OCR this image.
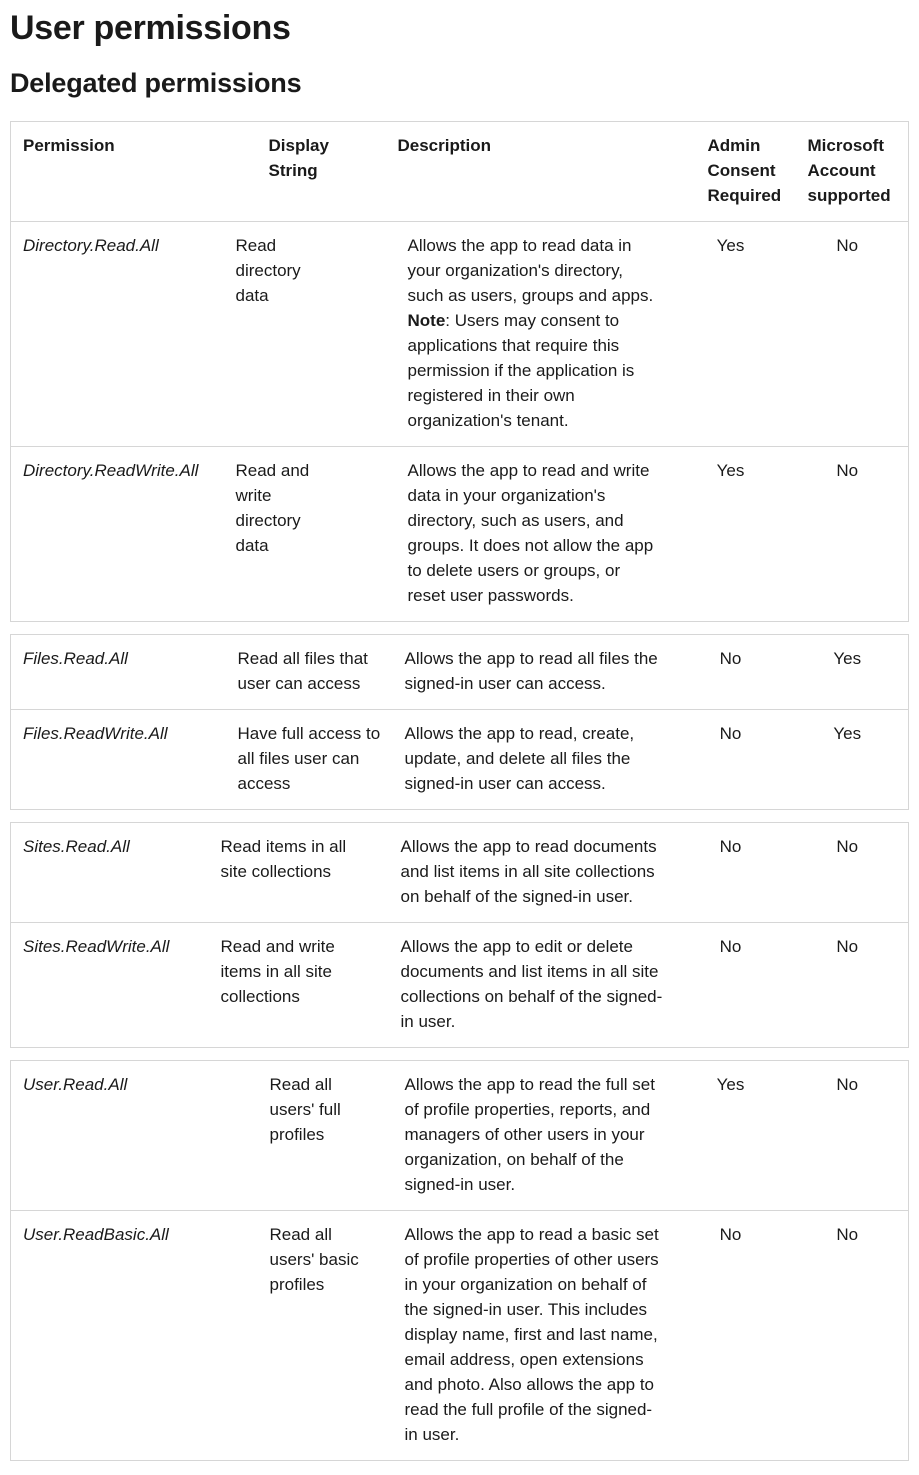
User permissions
Delegated permissions
Permission	Display String	Description	Admin Consent Required	Microsoft Account supported
Directory.Read.All	Read directory data	Allows the app to read data in your organization's directory, such as users, groups and apps. Note: Users may consent to applications that require this permission if the application is registered in their own organization's tenant.	Yes	No
Directory.ReadWrite.All	Read and write directory data	Allows the app to read and write data in your organization's directory, such as users, and groups. It does not allow the app to delete users or groups, or reset user passwords.	Yes	No
Files.Read.All	Read all files that user can access	Allows the app to read all files the signed-in user can access.	No	Yes
Files.ReadWrite.All	Have full access to all files user can access	Allows the app to read, create, update, and delete all files the signed-in user can access.	No	Yes
Sites.Read.All	Read items in all site collections	Allows the app to read documents and list items in all site collections on behalf of the signed-in user.	No	No
Sites.ReadWrite.All	Read and write items in all site collections	Allows the app to edit or delete documents and list items in all site collections on behalf of the signed-in user.	No	No
User.Read.All	Read all users' full profiles	Allows the app to read the full set of profile properties, reports, and managers of other users in your organization, on behalf of the signed-in user.	Yes	No
User.ReadBasic.All	Read all users' basic profiles	Allows the app to read a basic set of profile properties of other users in your organization on behalf of the signed-in user. This includes display name, first and last name, email address, open extensions and photo. Also allows the app to read the full profile of the signed-in user.	No	No
